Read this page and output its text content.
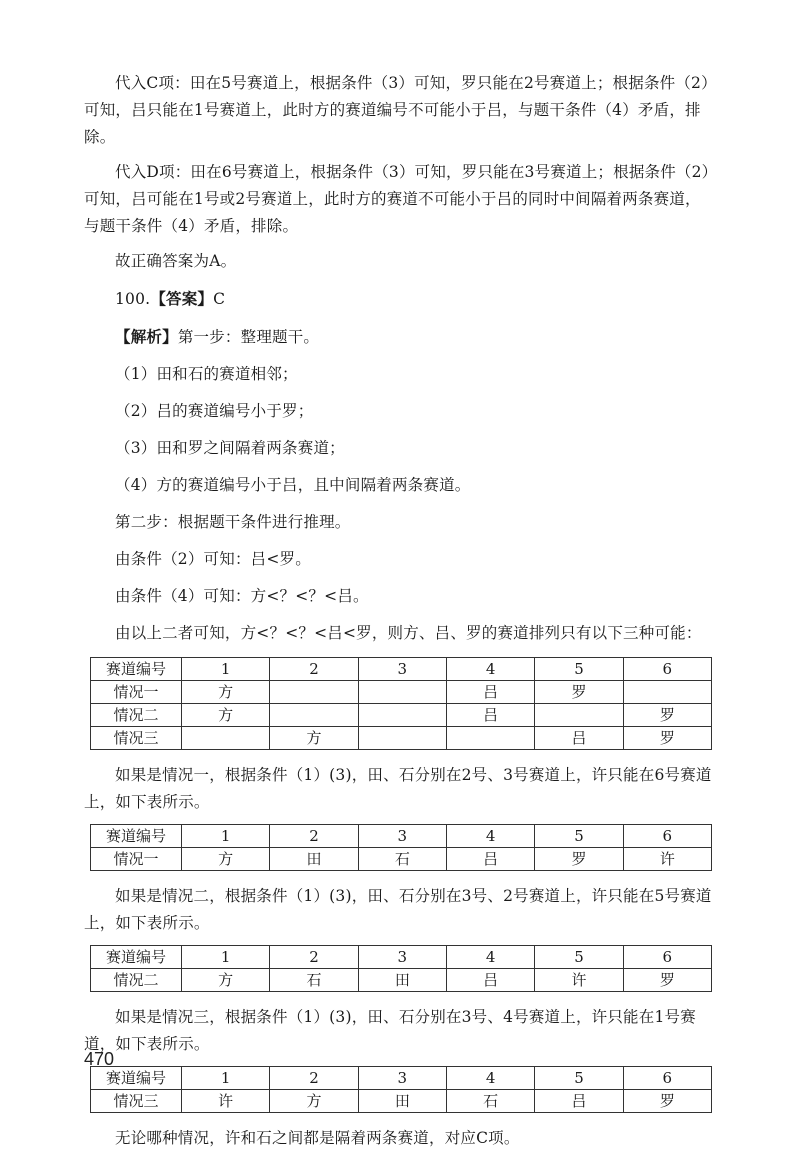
代入C项：田在5号赛道上，根据条件（3）可知，罗只能在2号赛道上；根据条件（2）可知，吕只能在1号赛道上，此时方的赛道编号不可能小于吕，与题干条件（4）矛盾，排除。

代入D项：田在6号赛道上，根据条件（3）可知，罗只能在3号赛道上；根据条件（2）可知，吕可能在1号或2号赛道上，此时方的赛道不可能小于吕的同时中间隔着两条赛道，与题干条件（4）矛盾，排除。

故正确答案为A。

100.【答案】C

【解析】第一步：整理题干。

（1）田和石的赛道相邻；

（2）吕的赛道编号小于罗；

（3）田和罗之间隔着两条赛道；

（4）方的赛道编号小于吕，且中间隔着两条赛道。

第二步：根据题干条件进行推理。

由条件（2）可知：吕<罗。

由条件（4）可知：方<？<？<吕。

由以上二者可知，方<？<？<吕<罗，则方、吕、罗的赛道排列只有以下三种可能：

赛道编号	1	2	3	4	5	6
情况一	方			吕	罗	
情况二	方			吕		罗
情况三		方			吕	罗

如果是情况一，根据条件（1）(3)，田、石分别在2号、3号赛道上，许只能在6号赛道上，如下表所示。

赛道编号	1	2	3	4	5	6
情况一	方	田	石	吕	罗	许

如果是情况二，根据条件（1）(3)，田、石分别在3号、2号赛道上，许只能在5号赛道上，如下表所示。

赛道编号	1	2	3	4	5	6
情况二	方	石	田	吕	许	罗

如果是情况三，根据条件（1）(3)，田、石分别在3号、4号赛道上，许只能在1号赛道，如下表所示。

赛道编号	1	2	3	4	5	6
情况三	许	方	田	石	吕	罗

无论哪种情况，许和石之间都是隔着两条赛道，对应C项。

470
